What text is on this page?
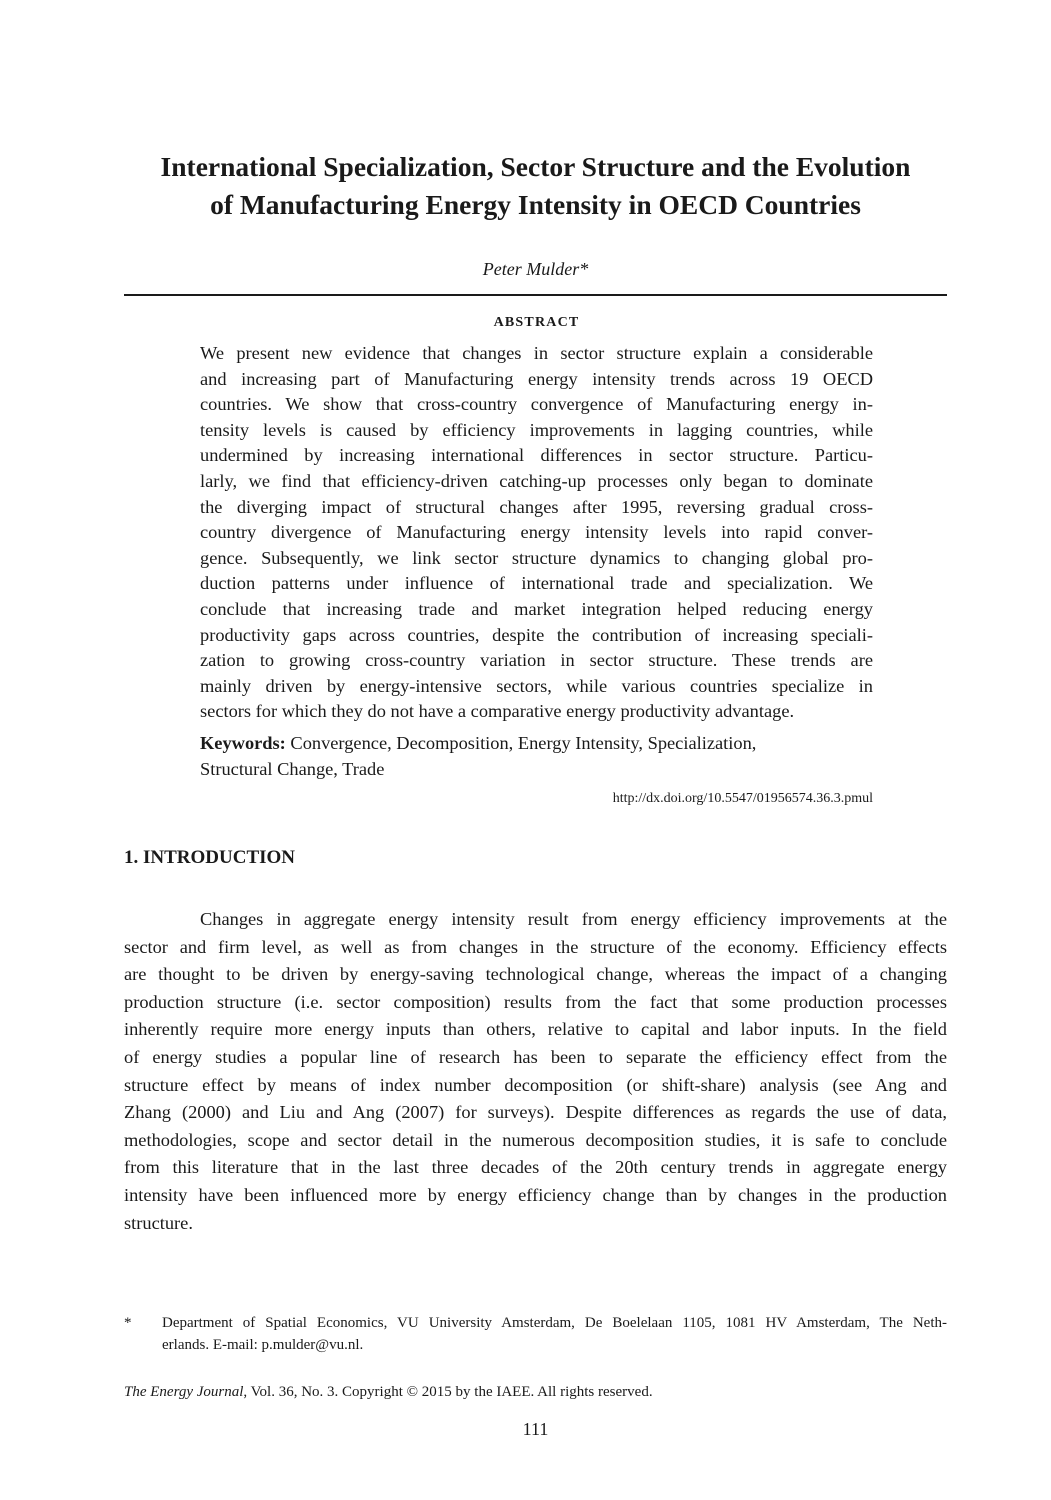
International Specialization, Sector Structure and the Evolution
of Manufacturing Energy Intensity in OECD Countries
Peter Mulder*
ABSTRACT
We present new evidence that changes in sector structure explain a considerable
and increasing part of Manufacturing energy intensity trends across 19 OECD
countries. We show that cross-country convergence of Manufacturing energy in-
tensity levels is caused by efficiency improvements in lagging countries, while
undermined by increasing international differences in sector structure. Particu-
larly, we find that efficiency-driven catching-up processes only began to dominate
the diverging impact of structural changes after 1995, reversing gradual cross-
country divergence of Manufacturing energy intensity levels into rapid conver-
gence. Subsequently, we link sector structure dynamics to changing global pro-
duction patterns under influence of international trade and specialization. We
conclude that increasing trade and market integration helped reducing energy
productivity gaps across countries, despite the contribution of increasing speciali-
zation to growing cross-country variation in sector structure. These trends are
mainly driven by energy-intensive sectors, while various countries specialize in
sectors for which they do not have a comparative energy productivity advantage.
Keywords: Convergence, Decomposition, Energy Intensity, Specialization,
Structural Change, Trade
http://dx.doi.org/10.5547/01956574.36.3.pmul
1. INTRODUCTION
Changes in aggregate energy intensity result from energy efficiency improvements at the
sector and firm level, as well as from changes in the structure of the economy. Efficiency effects
are thought to be driven by energy-saving technological change, whereas the impact of a changing
production structure (i.e. sector composition) results from the fact that some production processes
inherently require more energy inputs than others, relative to capital and labor inputs. In the field
of energy studies a popular line of research has been to separate the efficiency effect from the
structure effect by means of index number decomposition (or shift-share) analysis (see Ang and
Zhang (2000) and Liu and Ang (2007) for surveys). Despite differences as regards the use of data,
methodologies, scope and sector detail in the numerous decomposition studies, it is safe to conclude
from this literature that in the last three decades of the 20th century trends in aggregate energy
intensity have been influenced more by energy efficiency change than by changes in the production
structure.
* Department of Spatial Economics, VU University Amsterdam, De Boelelaan 1105, 1081 HV Amsterdam, The Neth-
erlands. E-mail: p.mulder@vu.nl.
The Energy Journal, Vol. 36, No. 3. Copyright © 2015 by the IAEE. All rights reserved.
111
